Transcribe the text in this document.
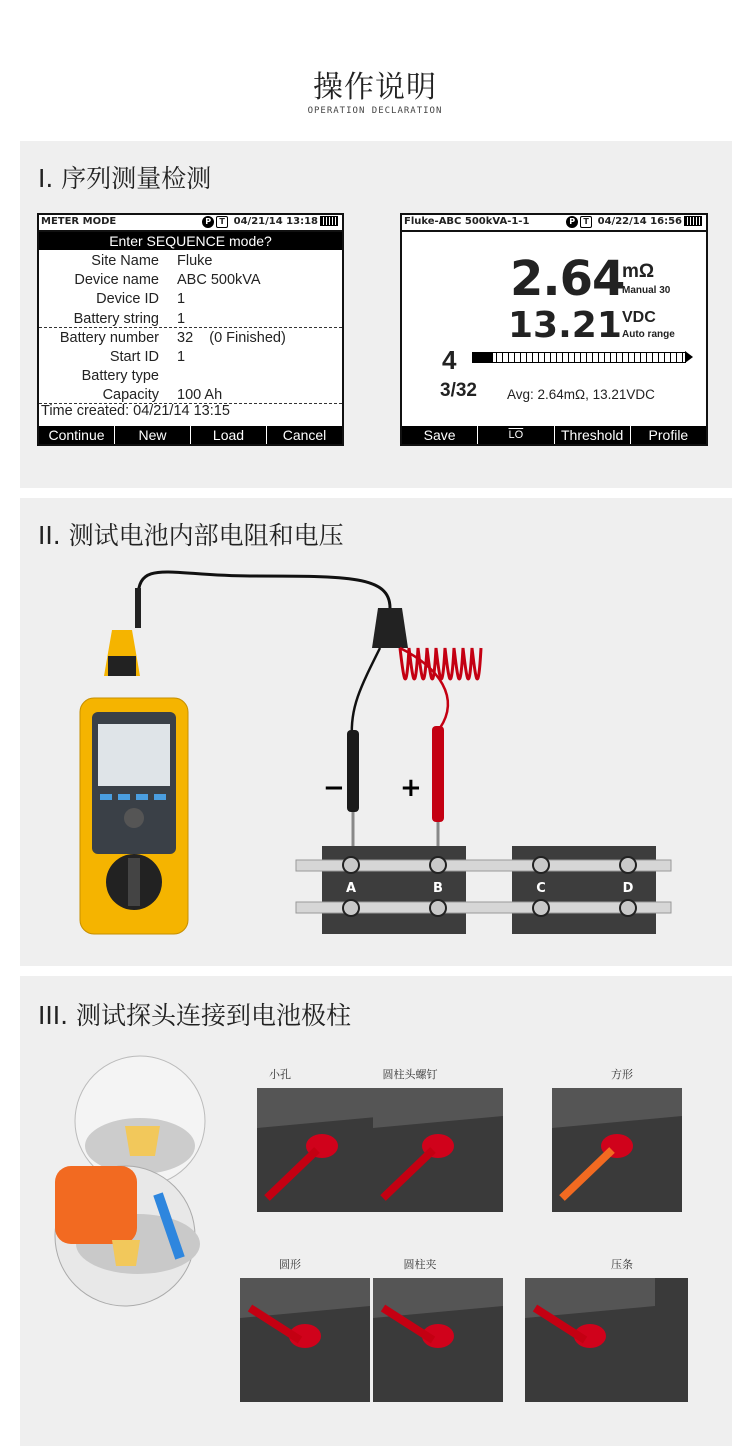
操作说明
OPERATION DECLARATION
I. 序列测量检测
METER MODE	P T 04/21/14 13:18
Enter SEQUENCE mode?
Site Name Fluke
Device name ABC 500kVA
Device ID 1
Battery string 1
Battery number 32    (0 Finished)
Start ID 1
Battery type
Capacity 100 Ah
Time created: 04/21/14 13:15
Continue	New	Load	Cancel
Fluke-ABC 500kVA-1-1	P T 04/22/14 16:56
2.64
mΩ
Manual 30
13.21 VDC
Auto range
4
3/32 Avg: 2.64mΩ, 13.21VDC
Save	$\overline{LO}$	Threshold	Profile
II. 测试电池内部电阻和电压
− +
A	B	C	D
III. 测试探头连接到电池极柱
小孔	圆柱头螺钉	方形
圆形	圆柱夹	压条
